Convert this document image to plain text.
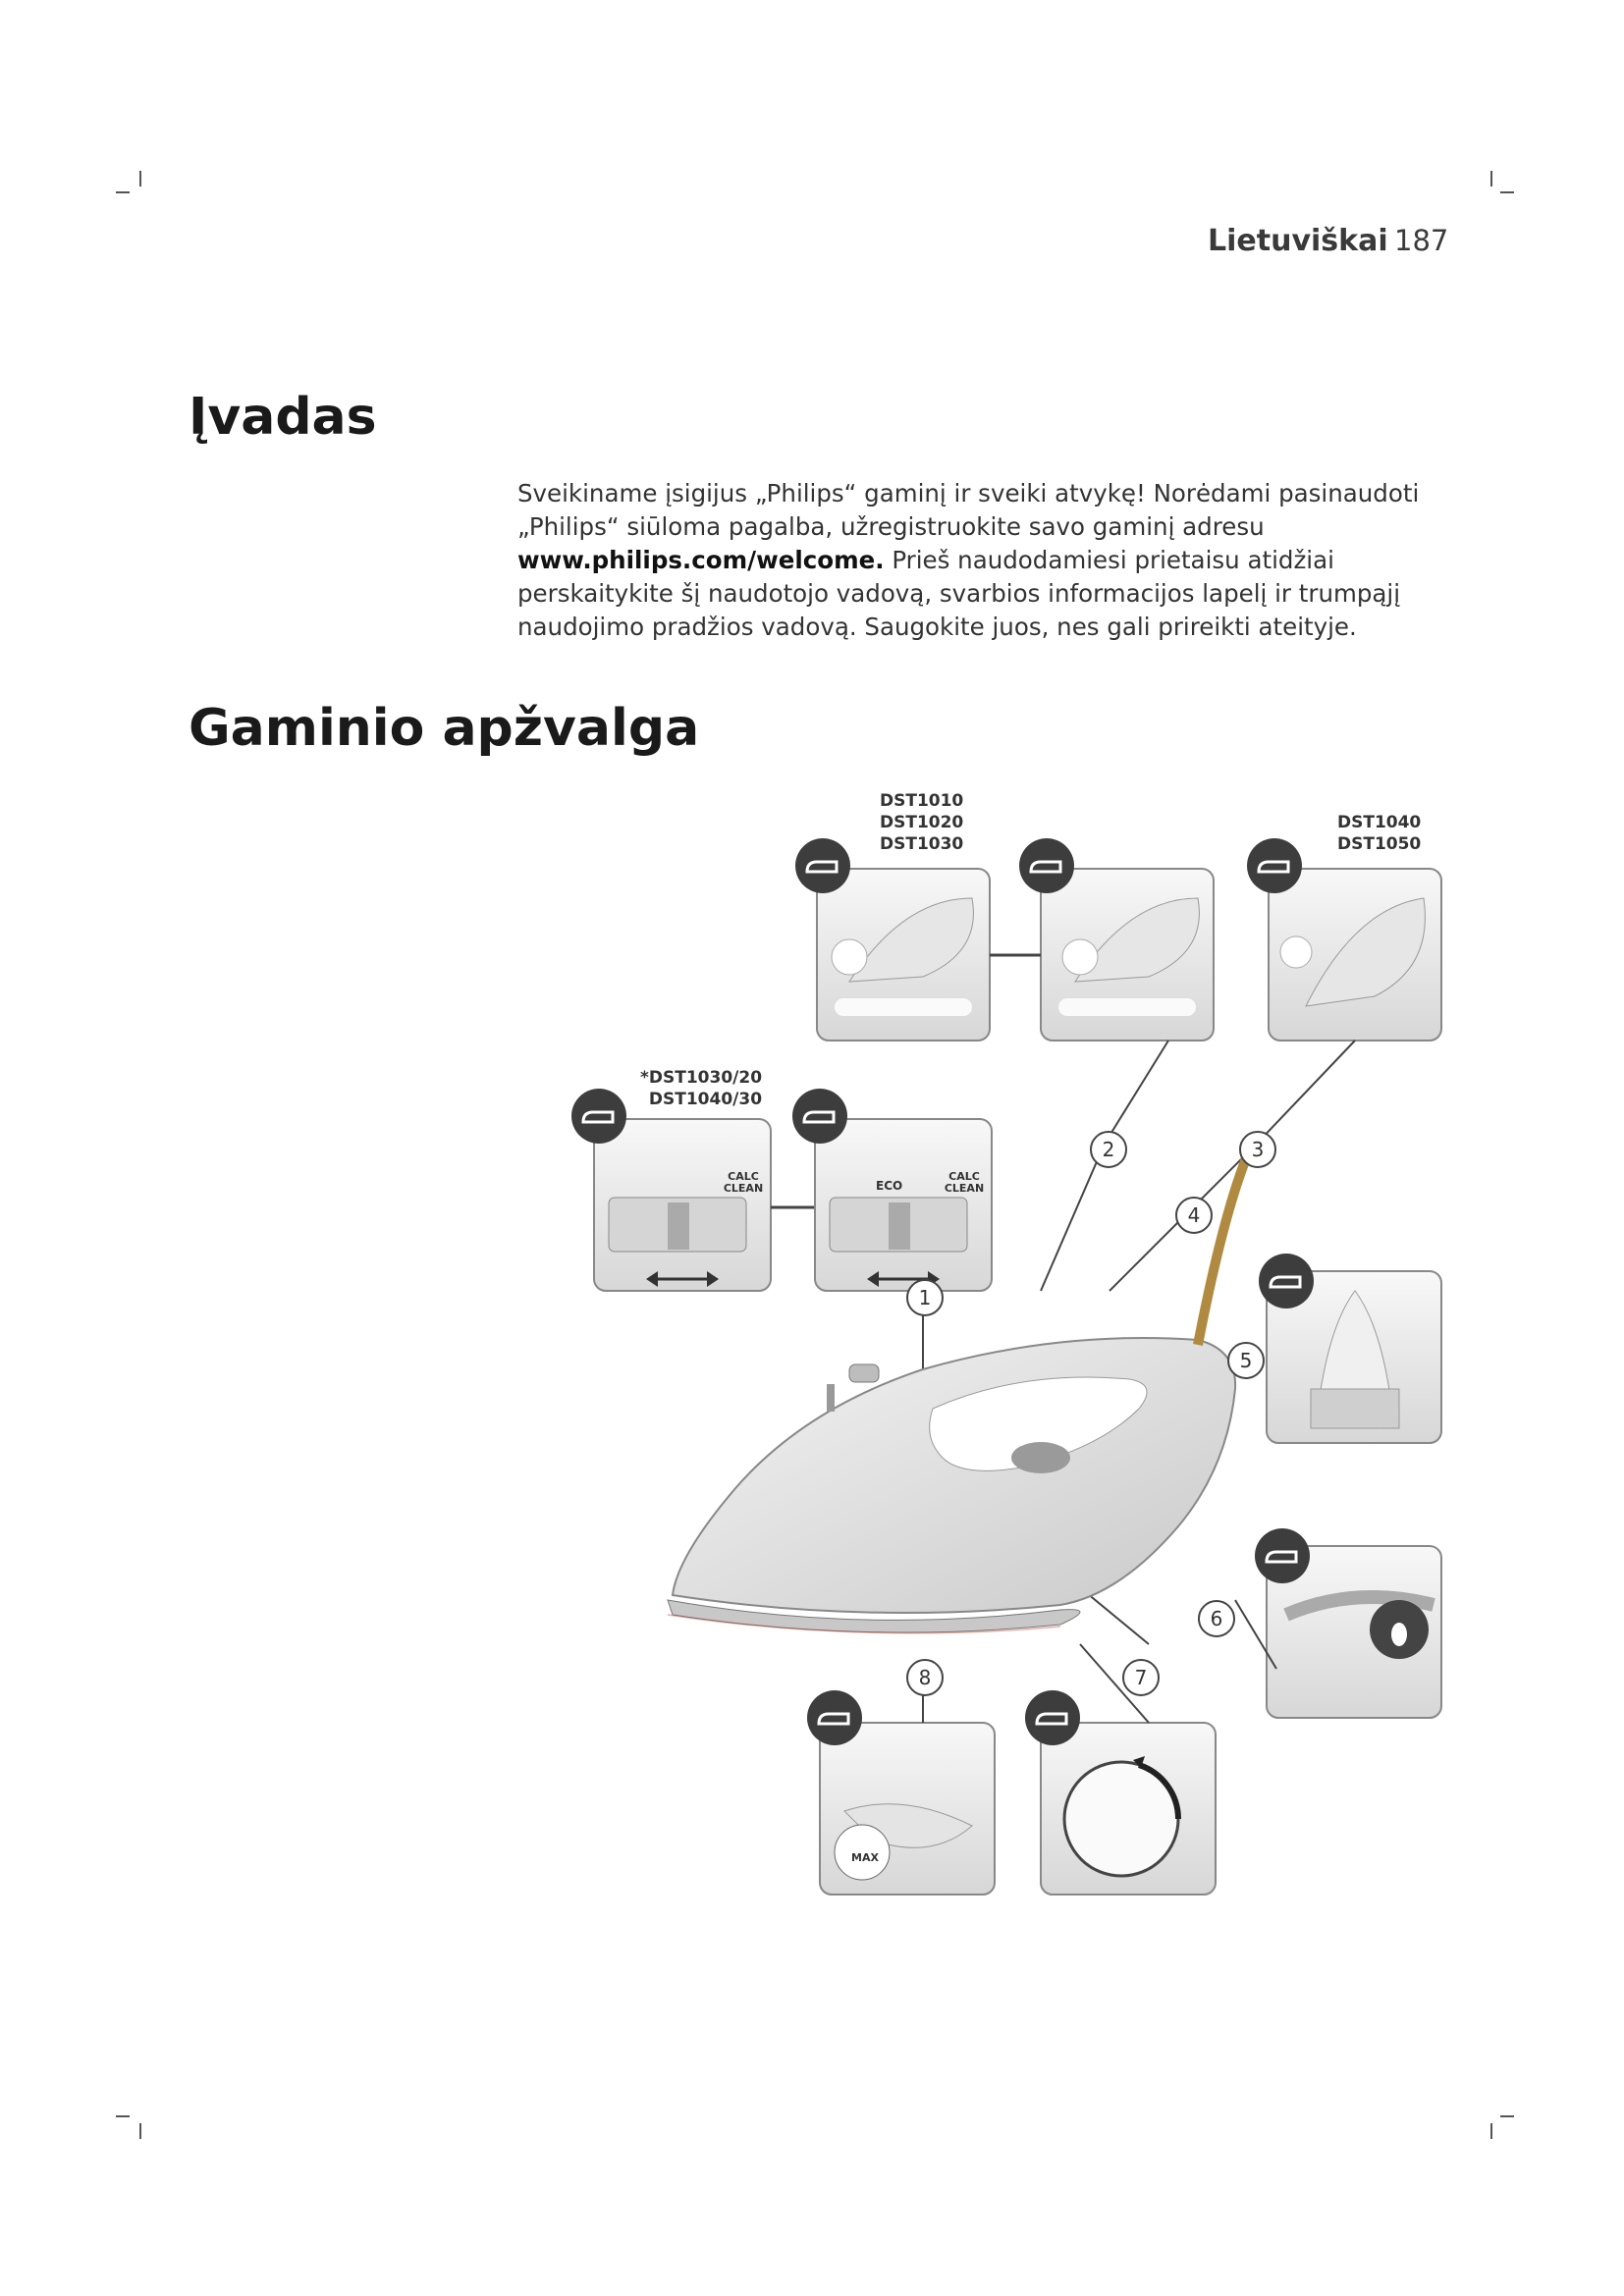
Lietuviškai 187
Įvadas

Sveikiname įsigijus „Philips“ gaminį ir sveiki atvykę! Norėdami pasinaudoti „Philips“ siūloma pagalba, užregistruokite savo gaminį adresu www.philips.com/welcome. Prieš naudodamiesi prietaisu atidžiai perskaitykite šį naudotojo vadovą, svarbios informacijos lapelį ir trumpąjį naudojimo pradžios vadovą. Saugokite juos, nes gali prireikti ateityje.

Gaminio apžvalga
DST1010
DST1020
DST1030
DST1040
DST1050
*DST1030/20
DST1040/30
CALC CLEAN	ECO
CALC CLEAN
MAX
1
2	3
4
5
6
7
8
